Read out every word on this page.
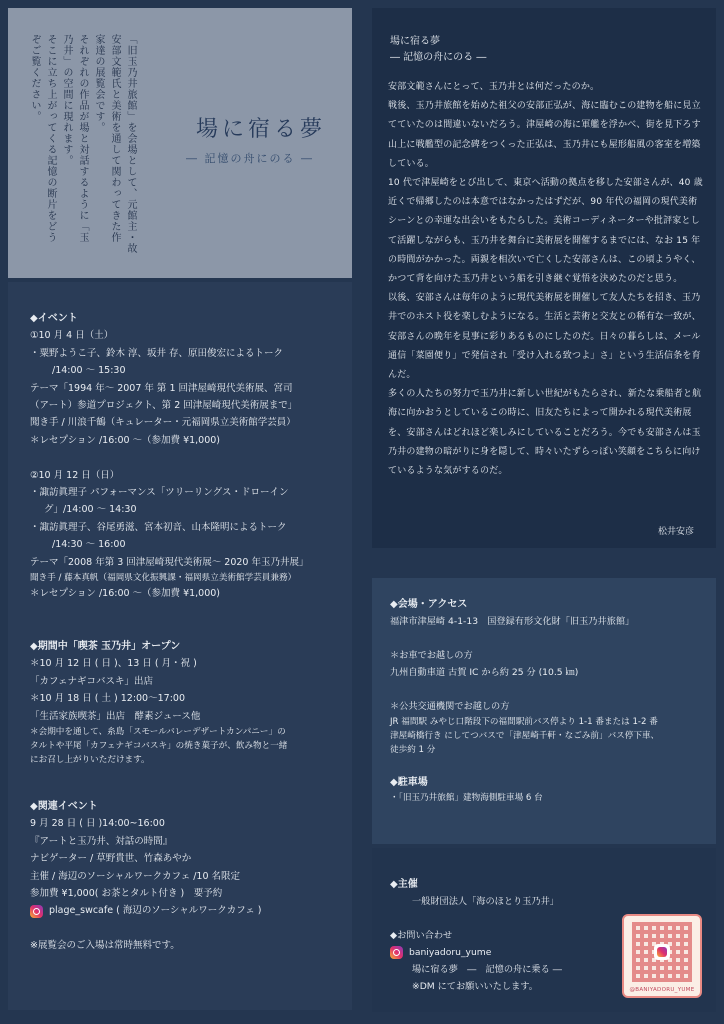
「旧玉乃井旅館」を会場として、元館主・故
安部文範氏と美術を通して関わってきた作
家達の展覧会です。
それぞれの作品が場と対話するように「玉
乃井」の空間に現れます。
そこに立ち上がってくる記憶の断片をどう
ぞご覧ください。
場に宿る夢
― 記憶の舟にのる ―
場に宿る夢
― 記憶の舟にのる ―

安部文範さんにとって、玉乃井とは何だったのか。

戦後、玉乃井旅館を始めた祖父の安部正弘が、海に臨むこの建物を船に見立てていたのは間違いないだろう。津屋崎の海に軍艦を浮かべ、街を見下ろす山上に戦艦型の記念碑をつくった正弘は、玉乃井にも屋形船風の客室を増築している。

10 代で津屋崎をとび出して、東京へ活動の拠点を移した安部さんが、40 歳近くで帰郷したのは本意ではなかったはずだが、90 年代の福岡の現代美術シーンとの幸運な出会いをもたらした。美術コーディネーターや批評家として活躍しながらも、玉乃井を舞台に美術展を開催するまでには、なお 15 年の時間がかかった。両親を相次いで亡くした安部さんは、この頃ようやく、かつて背を向けた玉乃井という船を引き継ぐ覚悟を決めたのだと思う。

以後、安部さんは毎年のように現代美術展を開催して友人たちを招き、玉乃井でのホスト役を楽しむようになる。生活と芸術と交友との稀有な一致が、安部さんの晩年を見事に彩りあるものにしたのだ。日々の暮らしは、メール通信「菜園便り」で発信され「受け入れる致つよ」さ」という生活信条を育んだ。

多くの人たちの努力で玉乃井に新しい世紀がもたらされ、新たな乗船者と航海に向かおうとしているこの時に、旧友たちによって開かれる現代美術展を、安部さんはどれほど楽しみにしていることだろう。今でも安部さんは玉乃井の建物の暗がりに身を隠して、時々いたずらっぽい笑顔をこちらに向けているような気がするのだ。

松井安彦

◆イベント

①10 月 4 日（土）

・粟野ようこ子、鈴木 淳、坂井 存、原田俊宏によるトーク

/14:00 ～ 15:30

テーマ「1994 年～ 2007 年 第 1 回津屋崎現代美術展、宮司

（アート）参道プロジェクト、第 2 回津屋崎現代美術展まで」

聞き手 / 川浪千鶴（キュレーター・元福岡県立美術館学芸員）

＊レセプション /16:00 ～（参加費 ¥1,000)

②10 月 12 日（日）

・諏訪眞理子 パフォーマンス「ツリーリングス・ドローイン

グ」/14:00 ～ 14:30

・諏訪眞理子、谷尾勇滋、宮本初音、山本隆明によるトーク

/14:30 ～ 16:00

テーマ「2008 年第 3 回津屋崎現代美術展～ 2020 年玉乃井展」

聞き手 / 藤本真帆（福岡県文化振興課・福岡県立美術館学芸員兼務）

＊レセプション /16:00 ～（参加費 ¥1,000)

◆期間中「喫茶 玉乃井」オープン

＊10 月 12 日 ( 日 )、13 日 ( 月・祝 )

「カフェナギコバスキ」出店

＊10 月 18 日 ( 土 ) 12:00～17:00

「生活家族喫茶」出店　酵素ジュース他

＊会期中を通して、糸島「スモールバレーデザートカンパニー」の

タルトや平尾「カフェナギコバスキ」の焼き菓子が、飲み物と一緒

にお召し上がりいただけます。

◆関連イベント

9 月 28 日 ( 日 )14:00~16:00

『アートと玉乃井、対話の時間』

ナビゲーター / 草野貴世、竹森あやか

主催 / 海辺のソーシャルワークカフェ /10 名限定

参加費 ¥1,000( お茶とタルト付き )　要予約

plage_swcafe ( 海辺のソーシャルワークカフェ )

※展覧会のご入場は常時無料です。

◆会場・アクセス

福津市津屋崎 4-1-13　国登録有形文化財「旧玉乃井旅館」

＊お車でお越しの方

九州自動車道 古賀 IC から約 25 分 (10.5 ㎞)

＊公共交通機関でお越しの方

JR 福間駅 みやじ口階段下の福間駅前バス停より 1-1 番または 1-2 番

津屋崎橋行き にしてつバスで「津屋崎千軒・なごみ前」バス停下車、

徒歩約 1 分

◆駐車場

・「旧玉乃井旅館」建物海側駐車場 6 台

◆主催

一般財団法人「海のほとり玉乃井」

◆お問い合わせ

baniyadoru_yume

場に宿る夢　―　記憶の舟に乗る ―

※DM にてお願いいたします。	@BANIYADORU_YUME
